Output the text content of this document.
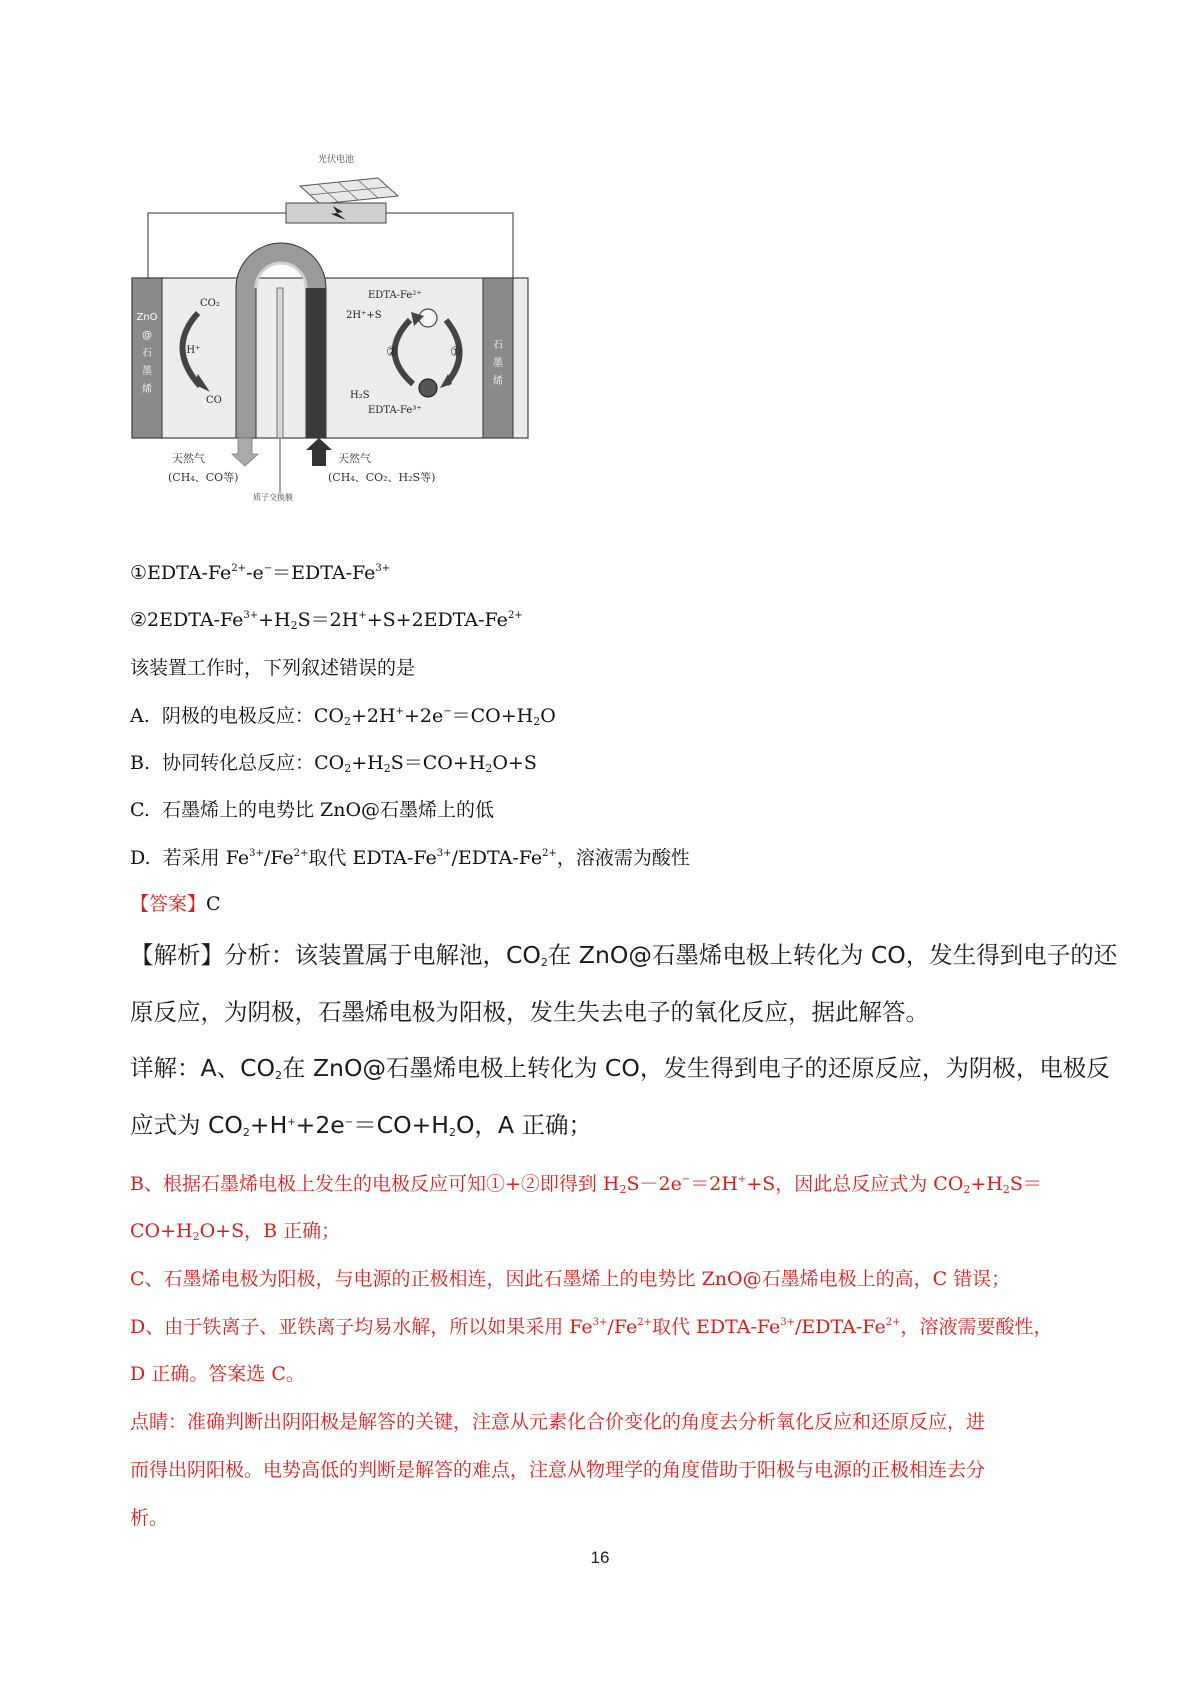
光伏电池
ZnO
@
石
墨
烯
石
墨
烯
CO₂
2H⁺
CO
EDTA-Fe²⁺
2H⁺+S
EDTA-Fe³⁺
H₂S
②	①
天然气
(CH₄、CO等)
天然气
(CH₄、CO₂、H₂S等)
质子交换膜
①EDTA-$Fe^{2+}-e^-=EDTA-Fe^{3+}$
$②2EDTA-Fe^{3+}+H_2S=2H^++S+2EDTA-Fe^{2+}$
该装置工作时，下列叙述错误的是
A.  阴极的电极反应：$CO_2+2H^++2e^-=CO+H_2O$
B.  协同转化总反应：$CO_2+H_2S=CO+H_2O+S$
C.  石墨烯上的电势比 ZnO@石墨烯上的低
D.  若采用 $Fe^{3+}/Fe^{2+}$取代 EDTA-$Fe^{3+}/EDTA-Fe^{2+}$，溶液需为酸性
【答案】C
【解析】分析：该装置属于电解池，$CO_2$在 ZnO@石墨烯电极上转化为 CO，发生得到电子的还
原反应，为阴极，石墨烯电极为阳极，发生失去电子的氧化反应，据此解答。
详解：A、$CO_2$在 ZnO@石墨烯电极上转化为 CO，发生得到电子的还原反应，为阴极，电极反
应式为 $CO_2+H^++2e^-=CO+H_2O$，A 正确；
B、根据石墨烯电极上发生的电极反应可知①+②即得到 $H_2S-2e^-=2H^++S$，因此总反应式为 $CO_2+H_2S=$
$CO+H_2O+S$，B 正确；
C、石墨烯电极为阳极，与电源的正极相连，因此石墨烯上的电势比 ZnO@石墨烯电极上的高，C 错误；
D、由于铁离子、亚铁离子均易水解，所以如果采用 $Fe^{3+}/Fe^{2+}$取代 EDTA-$Fe^{3+}/EDTA-Fe^{2+}$，溶液需要酸性，
D 正确。答案选 C。
点睛：准确判断出阴阳极是解答的关键，注意从元素化合价变化的角度去分析氧化反应和还原反应，进
而得出阴阳极。电势高低的判断是解答的难点，注意从物理学的角度借助于阳极与电源的正极相连去分
析。
16
